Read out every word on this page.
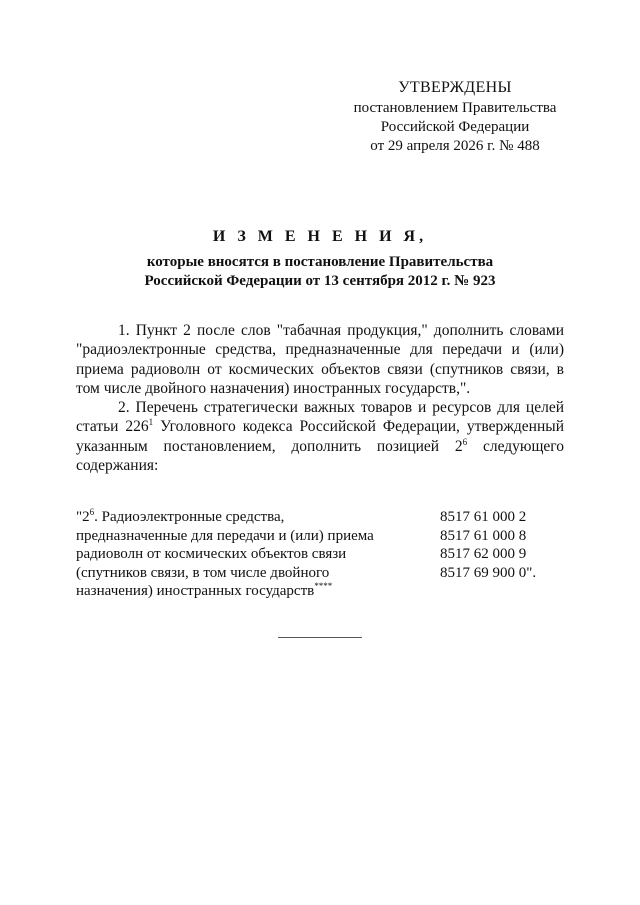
УТВЕРЖДЕНЫ
постановлением Правительства
Российской Федерации
от 29 апреля 2026 г. № 488
И З М Е Н Е Н И Я,
которые вносятся в постановление Правительства
Российской Федерации от 13 сентября 2012 г. № 923

1. Пункт 2 после слов "табачная продукция," дополнить словами "радиоэлектронные средства, предназначенные для передачи и (или) приема радиоволн от космических объектов связи (спутников связи, в том числе двойного назначения) иностранных государств,".

2. Перечень стратегически важных товаров и ресурсов для целей статьи $226^1$ Уголовного кодекса Российской Федерации, утвержденный указанным постановлением, дополнить позицией $2^6$ следующего содержания:

"$2^6$. Радиоэлектронные средства,
предназначенные для передачи и (или) приема
радиоволн от космических объектов связи
(спутников связи, в том числе двойного
назначения) иностранных государств****
8517 61 000 2
8517 61 000 8
8517 62 000 9
8517 69 900 0".
